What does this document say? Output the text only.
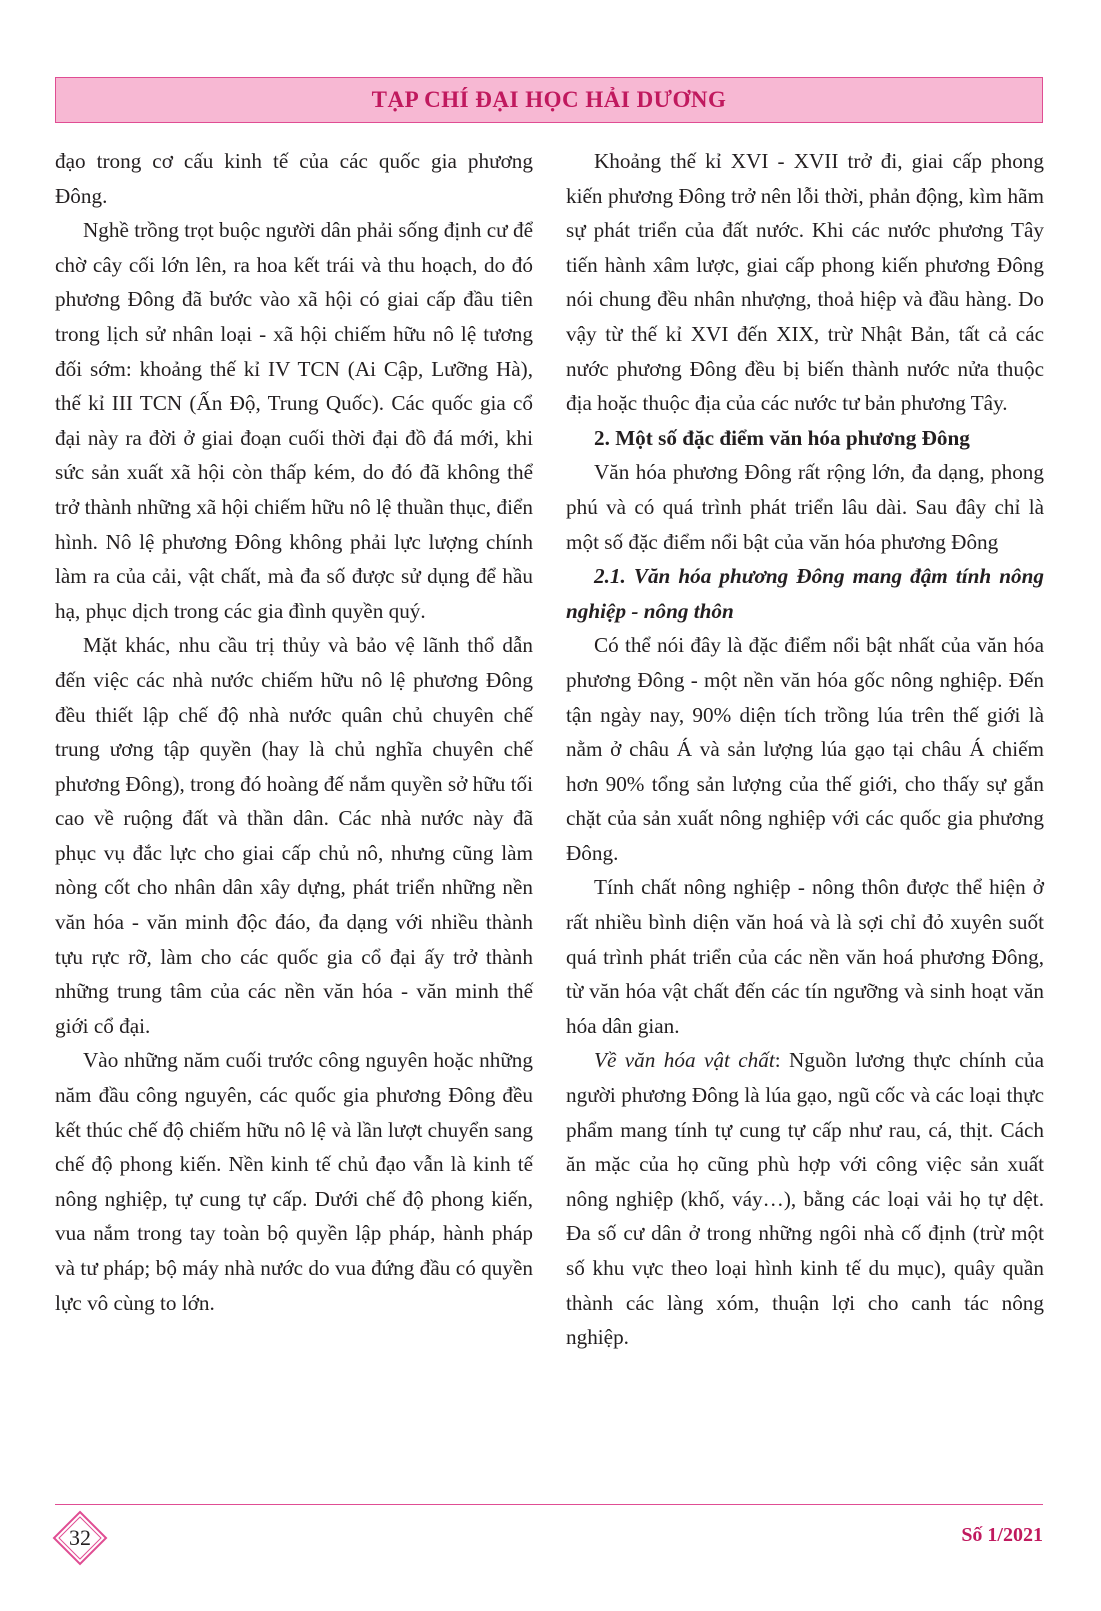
TẠP CHÍ ĐẠI HỌC HẢI DƯƠNG

đạo trong cơ cấu kinh tế của các quốc gia phương Đông.

Nghề trồng trọt buộc người dân phải sống định cư để chờ cây cối lớn lên, ra hoa kết trái và thu hoạch, do đó phương Đông đã bước vào xã hội có giai cấp đầu tiên trong lịch sử nhân loại - xã hội chiếm hữu nô lệ tương đối sớm: khoảng thế kỉ IV TCN (Ai Cập, Lưỡng Hà), thế kỉ III TCN (Ấn Độ, Trung Quốc). Các quốc gia cổ đại này ra đời ở giai đoạn cuối thời đại đồ đá mới, khi sức sản xuất xã hội còn thấp kém, do đó đã không thể trở thành những xã hội chiếm hữu nô lệ thuần thục, điển hình. Nô lệ phương Đông không phải lực lượng chính làm ra của cải, vật chất, mà đa số được sử dụng để hầu hạ, phục dịch trong các gia đình quyền quý.

Mặt khác, nhu cầu trị thủy và bảo vệ lãnh thổ dẫn đến việc các nhà nước chiếm hữu nô lệ phương Đông đều thiết lập chế độ nhà nước quân chủ chuyên chế trung ương tập quyền (hay là chủ nghĩa chuyên chế phương Đông), trong đó hoàng đế nắm quyền sở hữu tối cao về ruộng đất và thần dân. Các nhà nước này đã phục vụ đắc lực cho giai cấp chủ nô, nhưng cũng làm nòng cốt cho nhân dân xây dựng, phát triển những nền văn hóa - văn minh độc đáo, đa dạng với nhiều thành tựu rực rỡ, làm cho các quốc gia cổ đại ấy trở thành những trung tâm của các nền văn hóa - văn minh thế giới cổ đại.

Vào những năm cuối trước công nguyên hoặc những năm đầu công nguyên, các quốc gia phương Đông đều kết thúc chế độ chiếm hữu nô lệ và lần lượt chuyển sang chế độ phong kiến. Nền kinh tế chủ đạo vẫn là kinh tế nông nghiệp, tự cung tự cấp. Dưới chế độ phong kiến, vua nắm trong tay toàn bộ quyền lập pháp, hành pháp và tư pháp; bộ máy nhà nước do vua đứng đầu có quyền lực vô cùng to lớn.

Khoảng thế kỉ XVI - XVII trở đi, giai cấp phong kiến phương Đông trở nên lỗi thời, phản động, kìm hãm sự phát triển của đất nước. Khi các nước phương Tây tiến hành xâm lược, giai cấp phong kiến phương Đông nói chung đều nhân nhượng, thoả hiệp và đầu hàng. Do vậy từ thế kỉ XVI đến XIX, trừ Nhật Bản, tất cả các nước phương Đông đều bị biến thành nước nửa thuộc địa hoặc thuộc địa của các nước tư bản phương Tây.

2. Một số đặc điểm văn hóa phương Đông

Văn hóa phương Đông rất rộng lớn, đa dạng, phong phú và có quá trình phát triển lâu dài. Sau đây chỉ là một số đặc điểm nổi bật của văn hóa phương Đông

2.1. Văn hóa phương Đông mang đậm tính nông nghiệp - nông thôn

Có thể nói đây là đặc điểm nổi bật nhất của văn hóa phương Đông - một nền văn hóa gốc nông nghiệp. Đến tận ngày nay, 90% diện tích trồng lúa trên thế giới là nằm ở châu Á và sản lượng lúa gạo tại châu Á chiếm hơn 90% tổng sản lượng của thế giới, cho thấy sự gắn chặt của sản xuất nông nghiệp với các quốc gia phương Đông.

Tính chất nông nghiệp - nông thôn được thể hiện ở rất nhiều bình diện văn hoá và là sợi chỉ đỏ xuyên suốt quá trình phát triển của các nền văn hoá phương Đông, từ văn hóa vật chất đến các tín ngưỡng và sinh hoạt văn hóa dân gian.

Về văn hóa vật chất: Nguồn lương thực chính của người phương Đông là lúa gạo, ngũ cốc và các loại thực phẩm mang tính tự cung tự cấp như rau, cá, thịt. Cách ăn mặc của họ cũng phù hợp với công việc sản xuất nông nghiệp (khố, váy…), bằng các loại vải họ tự dệt. Đa số cư dân ở trong những ngôi nhà cố định (trừ một số khu vực theo loại hình kinh tế du mục), quây quần thành các làng xóm, thuận lợi cho canh tác nông nghiệp.

32	Số 1/2021
